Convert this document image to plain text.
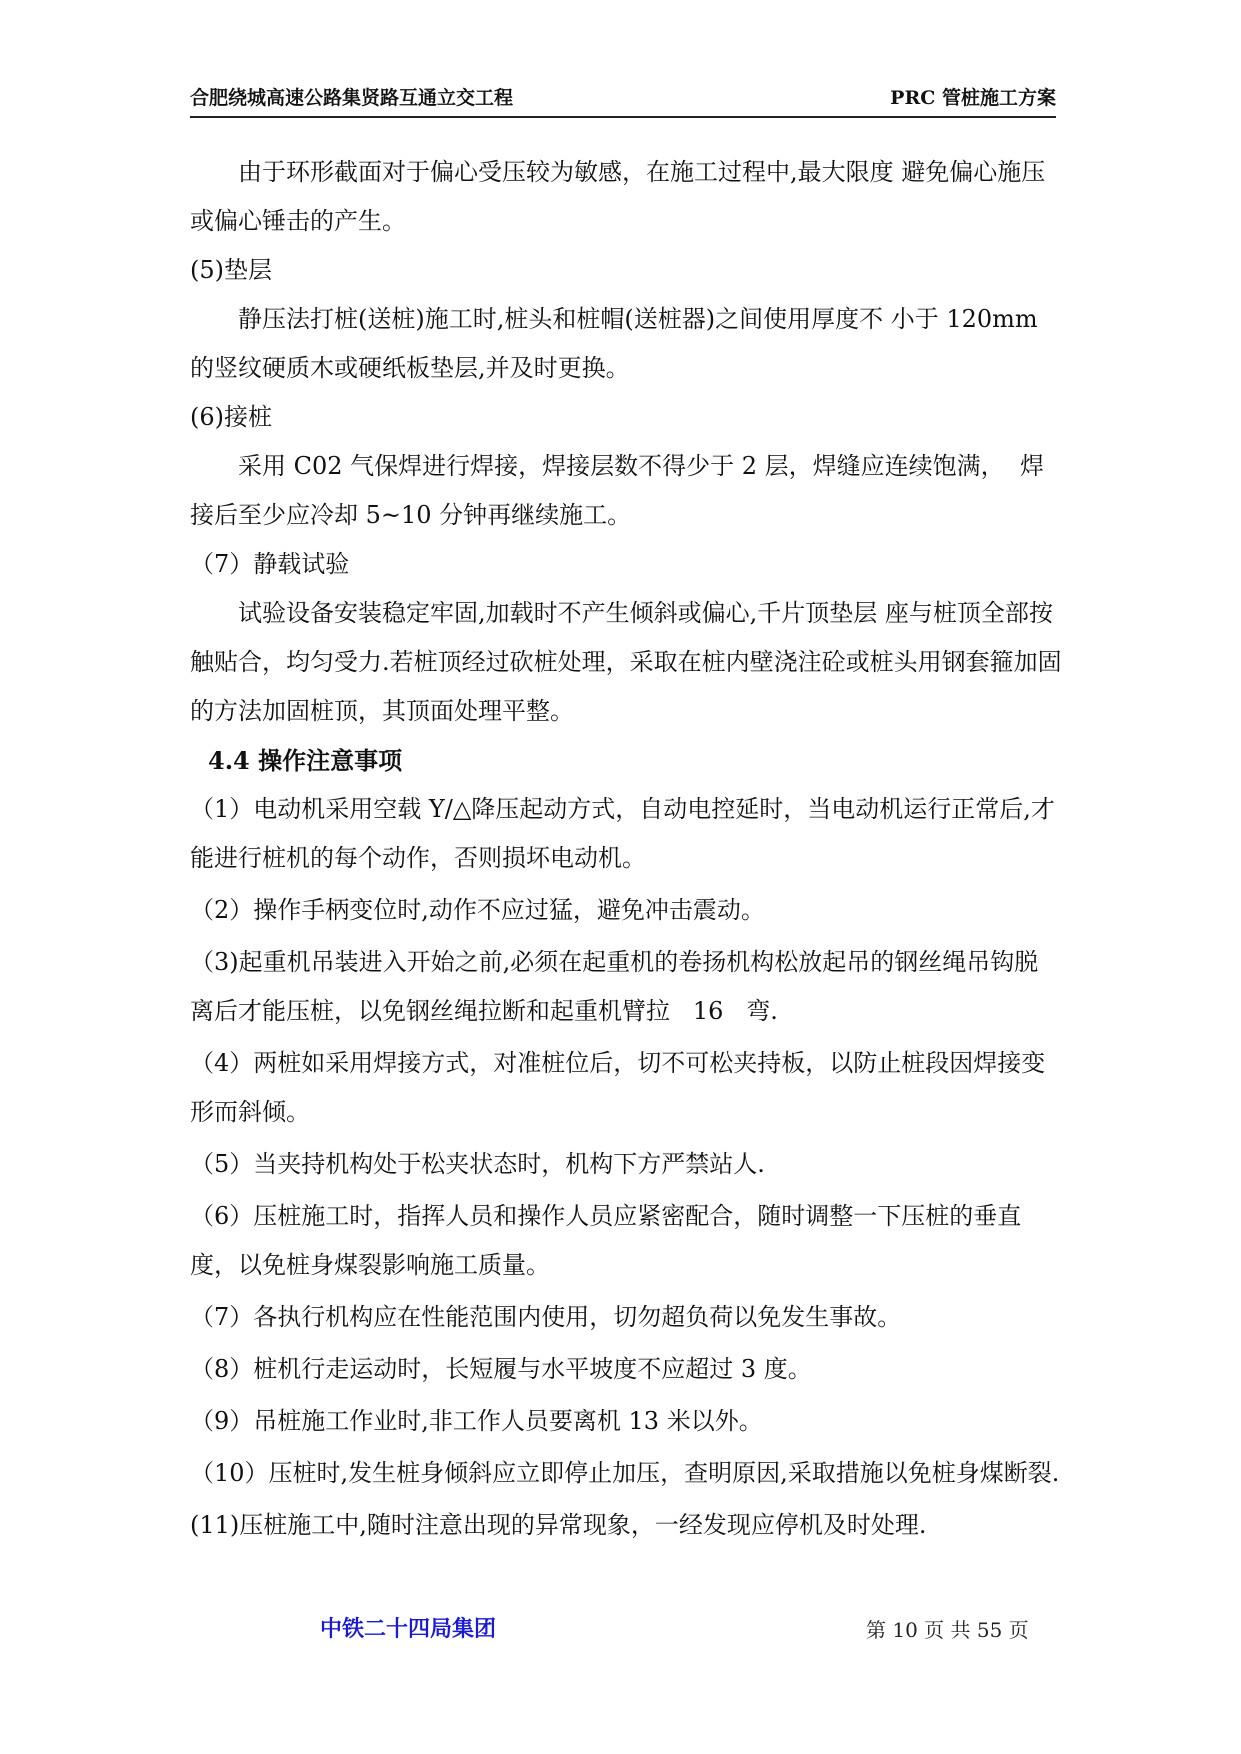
合肥绕城高速公路集贤路互通立交工程	PRC 管桩施工方案

由于环形截面对于偏心受压较为敏感，在施工过程中,最大限度 避免偏心施压或偏心锤击的产生。

(5)垫层

静压法打桩(送桩)施工时,桩头和桩帽(送桩器)之间使用厚度不 小于 120mm 的竖纹硬质木或硬纸板垫层,并及时更换。

(6)接桩

采用 C02 气保焊进行焊接，焊接层数不得少于 2 层，焊缝应连续饱满，  焊接后至少应冷却 5~10 分钟再继续施工。

（7）静载试验

试验设备安装稳定牢固,加载时不产生倾斜或偏心,千片顶垫层 座与桩顶全部按触贴合，均匀受力.若桩顶经过砍桩处理，采取在桩内壁浇注砼或桩头用钢套箍加固的方法加固桩顶，其顶面处理平整。

4.4 操作注意事项

（1）电动机采用空载 Y/△降压起动方式，自动电控延时，当电动机运行正常后,才能进行桩机的每个动作，否则损坏电动机。

（2）操作手柄变位时,动作不应过猛，避免冲击震动。

（3)起重机吊装进入开始之前,必须在起重机的卷扬机构松放起吊的钢丝绳吊钩脱离后才能压桩，以免钢丝绳拉断和起重机臂拉   16   弯.

（4）两桩如采用焊接方式，对准桩位后，切不可松夹持板，以防止桩段因焊接变形而斜倾。

（5）当夹持机构处于松夹状态时，机构下方严禁站人.

（6）压桩施工时，指挥人员和操作人员应紧密配合，随时调整一下压桩的垂直度，以免桩身煤裂影响施工质量。

（7）各执行机构应在性能范围内使用，切勿超负荷以免发生事故。

（8）桩机行走运动时，长短履与水平坡度不应超过 3 度。

（9）吊桩施工作业时,非工作人员要离机 13 米以外。

（10）压桩时,发生桩身倾斜应立即停止加压，查明原因,采取措施以免桩身煤断裂.

(11)压桩施工中,随时注意出现的异常现象，一经发现应停机及时处理.

中铁二十四局集团	第 10 页 共 55 页
